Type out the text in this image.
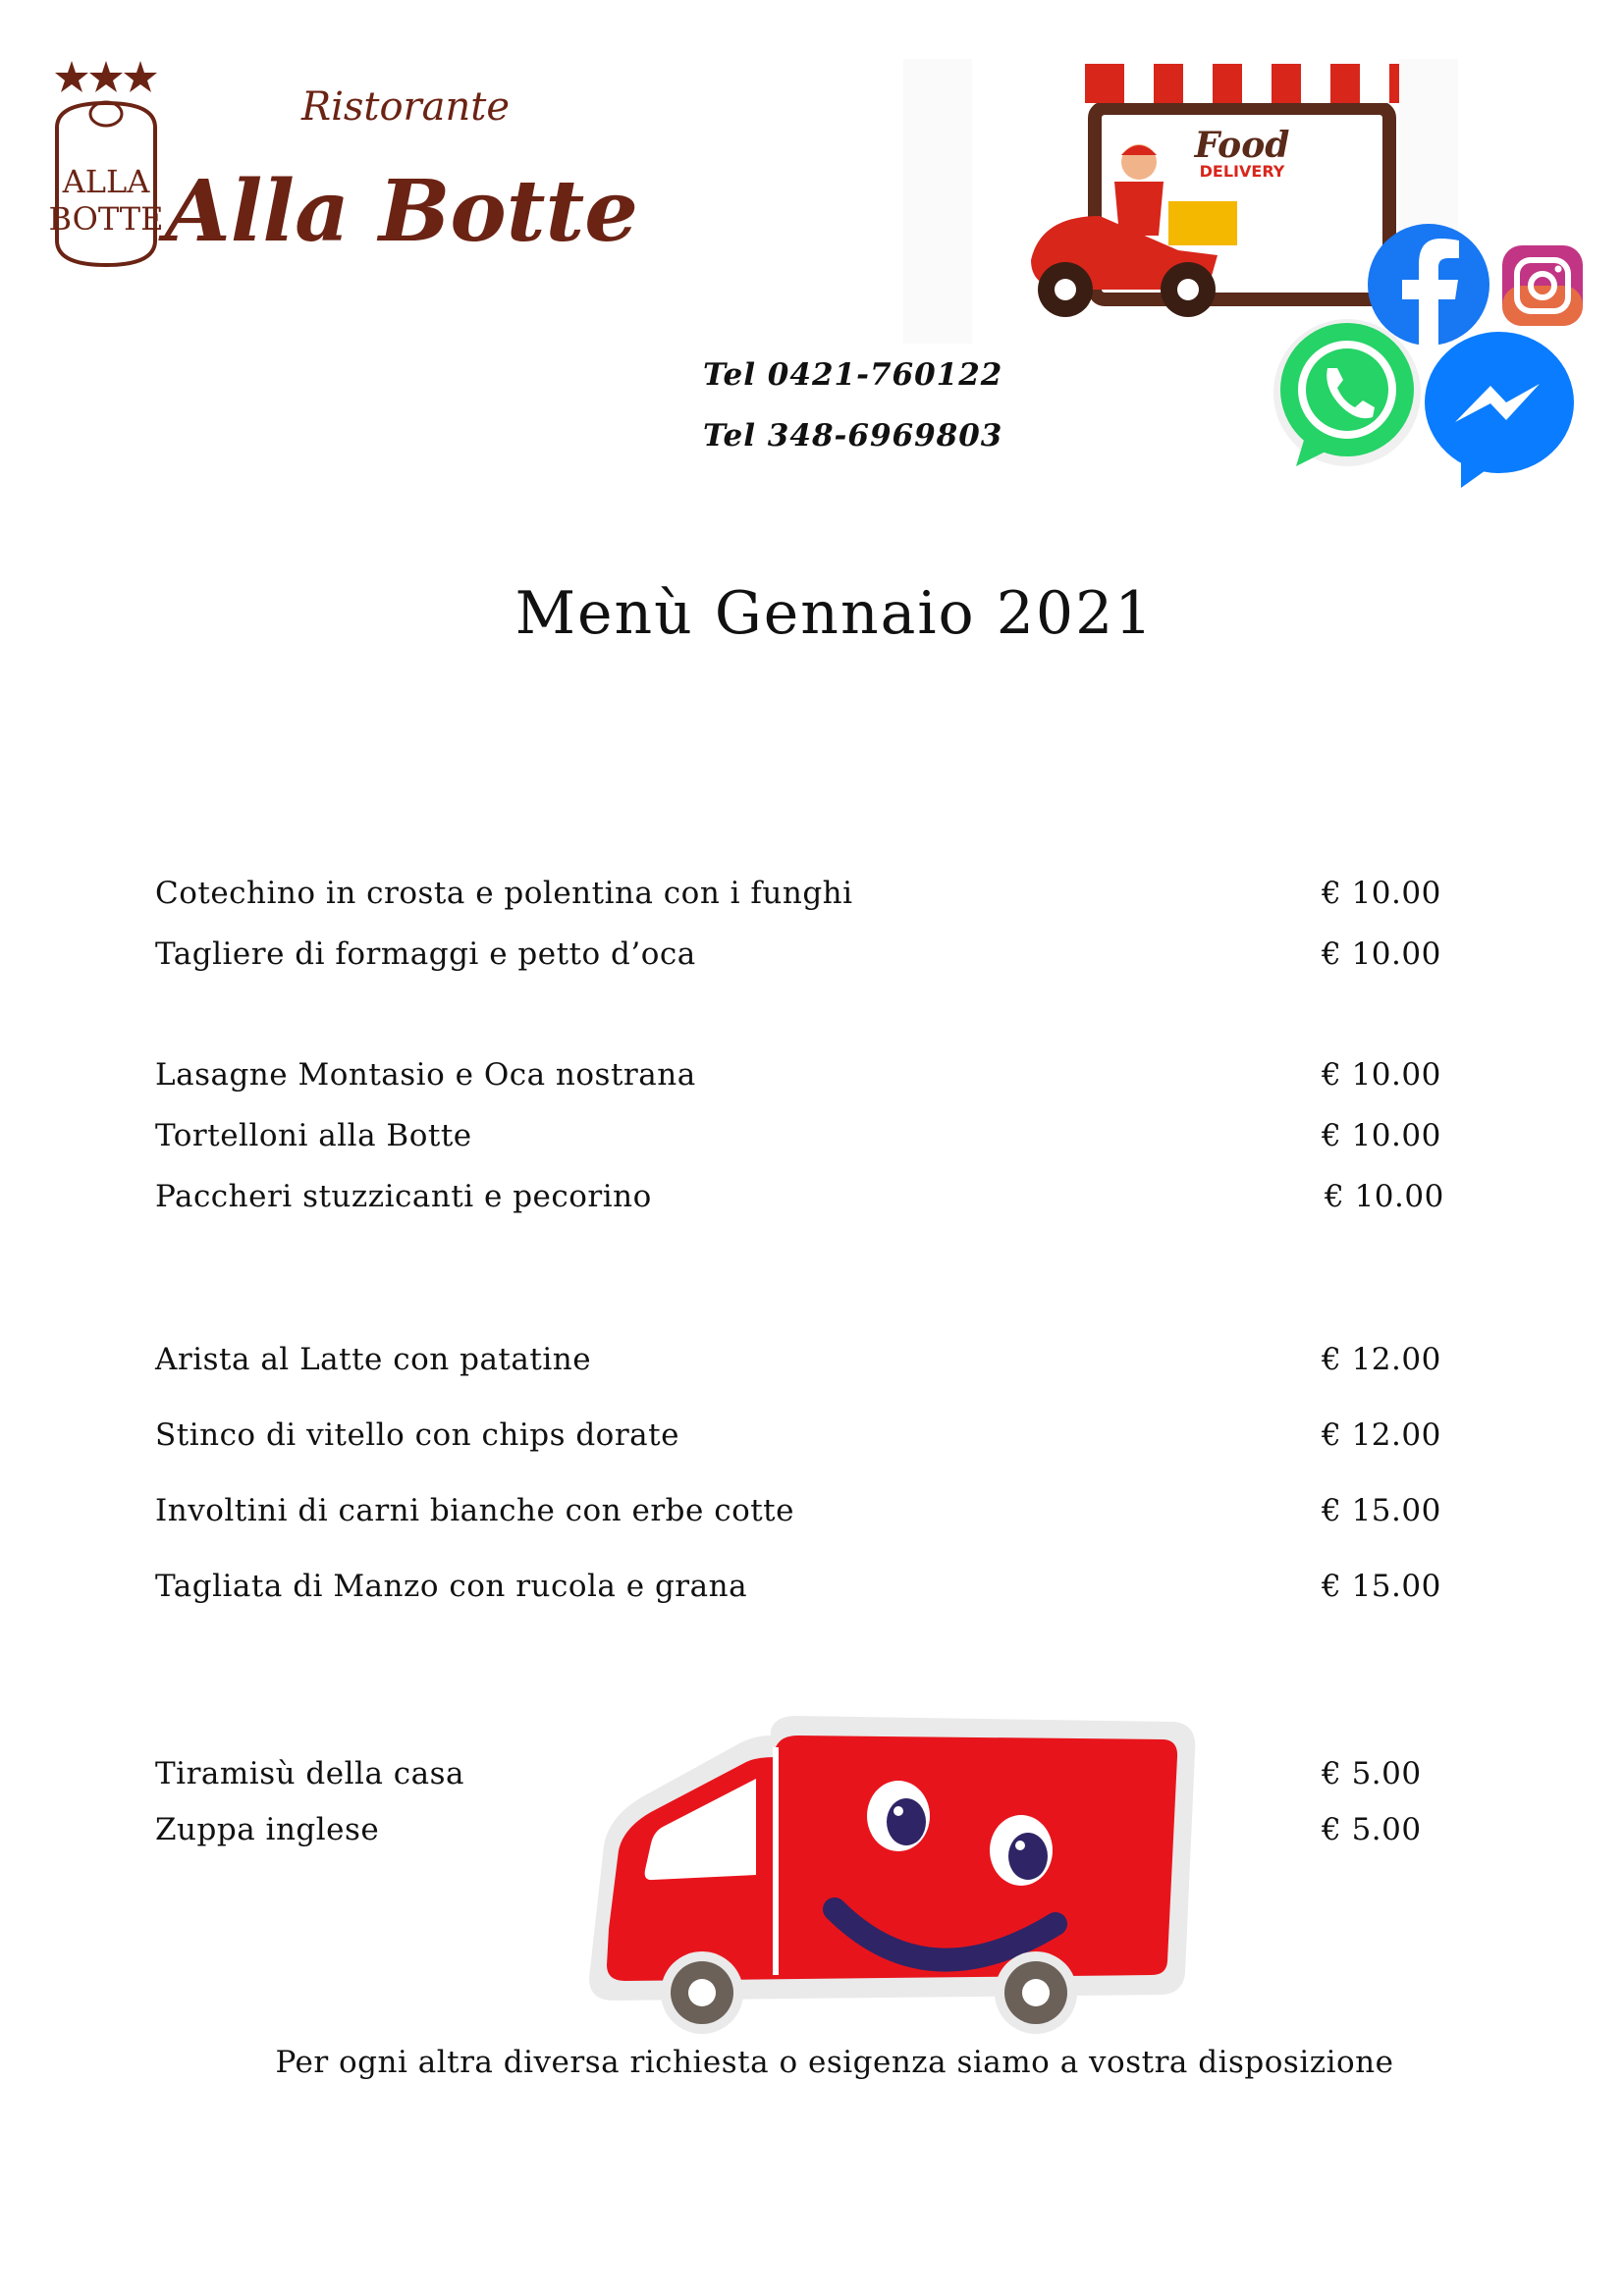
ALLA
BOTTE
Ristorante
Alla Botte
Food
DELIVERY
Tel 0421-760122
Tel 348-6969803
Menù Gennaio 2021
Cotechino in crosta e polentina con i funghi	€ 10.00
Tagliere di formaggi e petto d’oca	€ 10.00
Lasagne Montasio e Oca nostrana	€ 10.00
Tortelloni alla Botte	€ 10.00
Paccheri stuzzicanti e pecorino	€ 10.00
Arista al Latte con patatine	€ 12.00
Stinco di vitello con chips dorate	€ 12.00
Involtini di carni bianche con erbe cotte	€ 15.00
Tagliata di Manzo con rucola e grana	€ 15.00
Tiramisù della casa	€ 5.00
Zuppa inglese	€ 5.00
Per ogni altra diversa richiesta o esigenza siamo a vostra disposizione
